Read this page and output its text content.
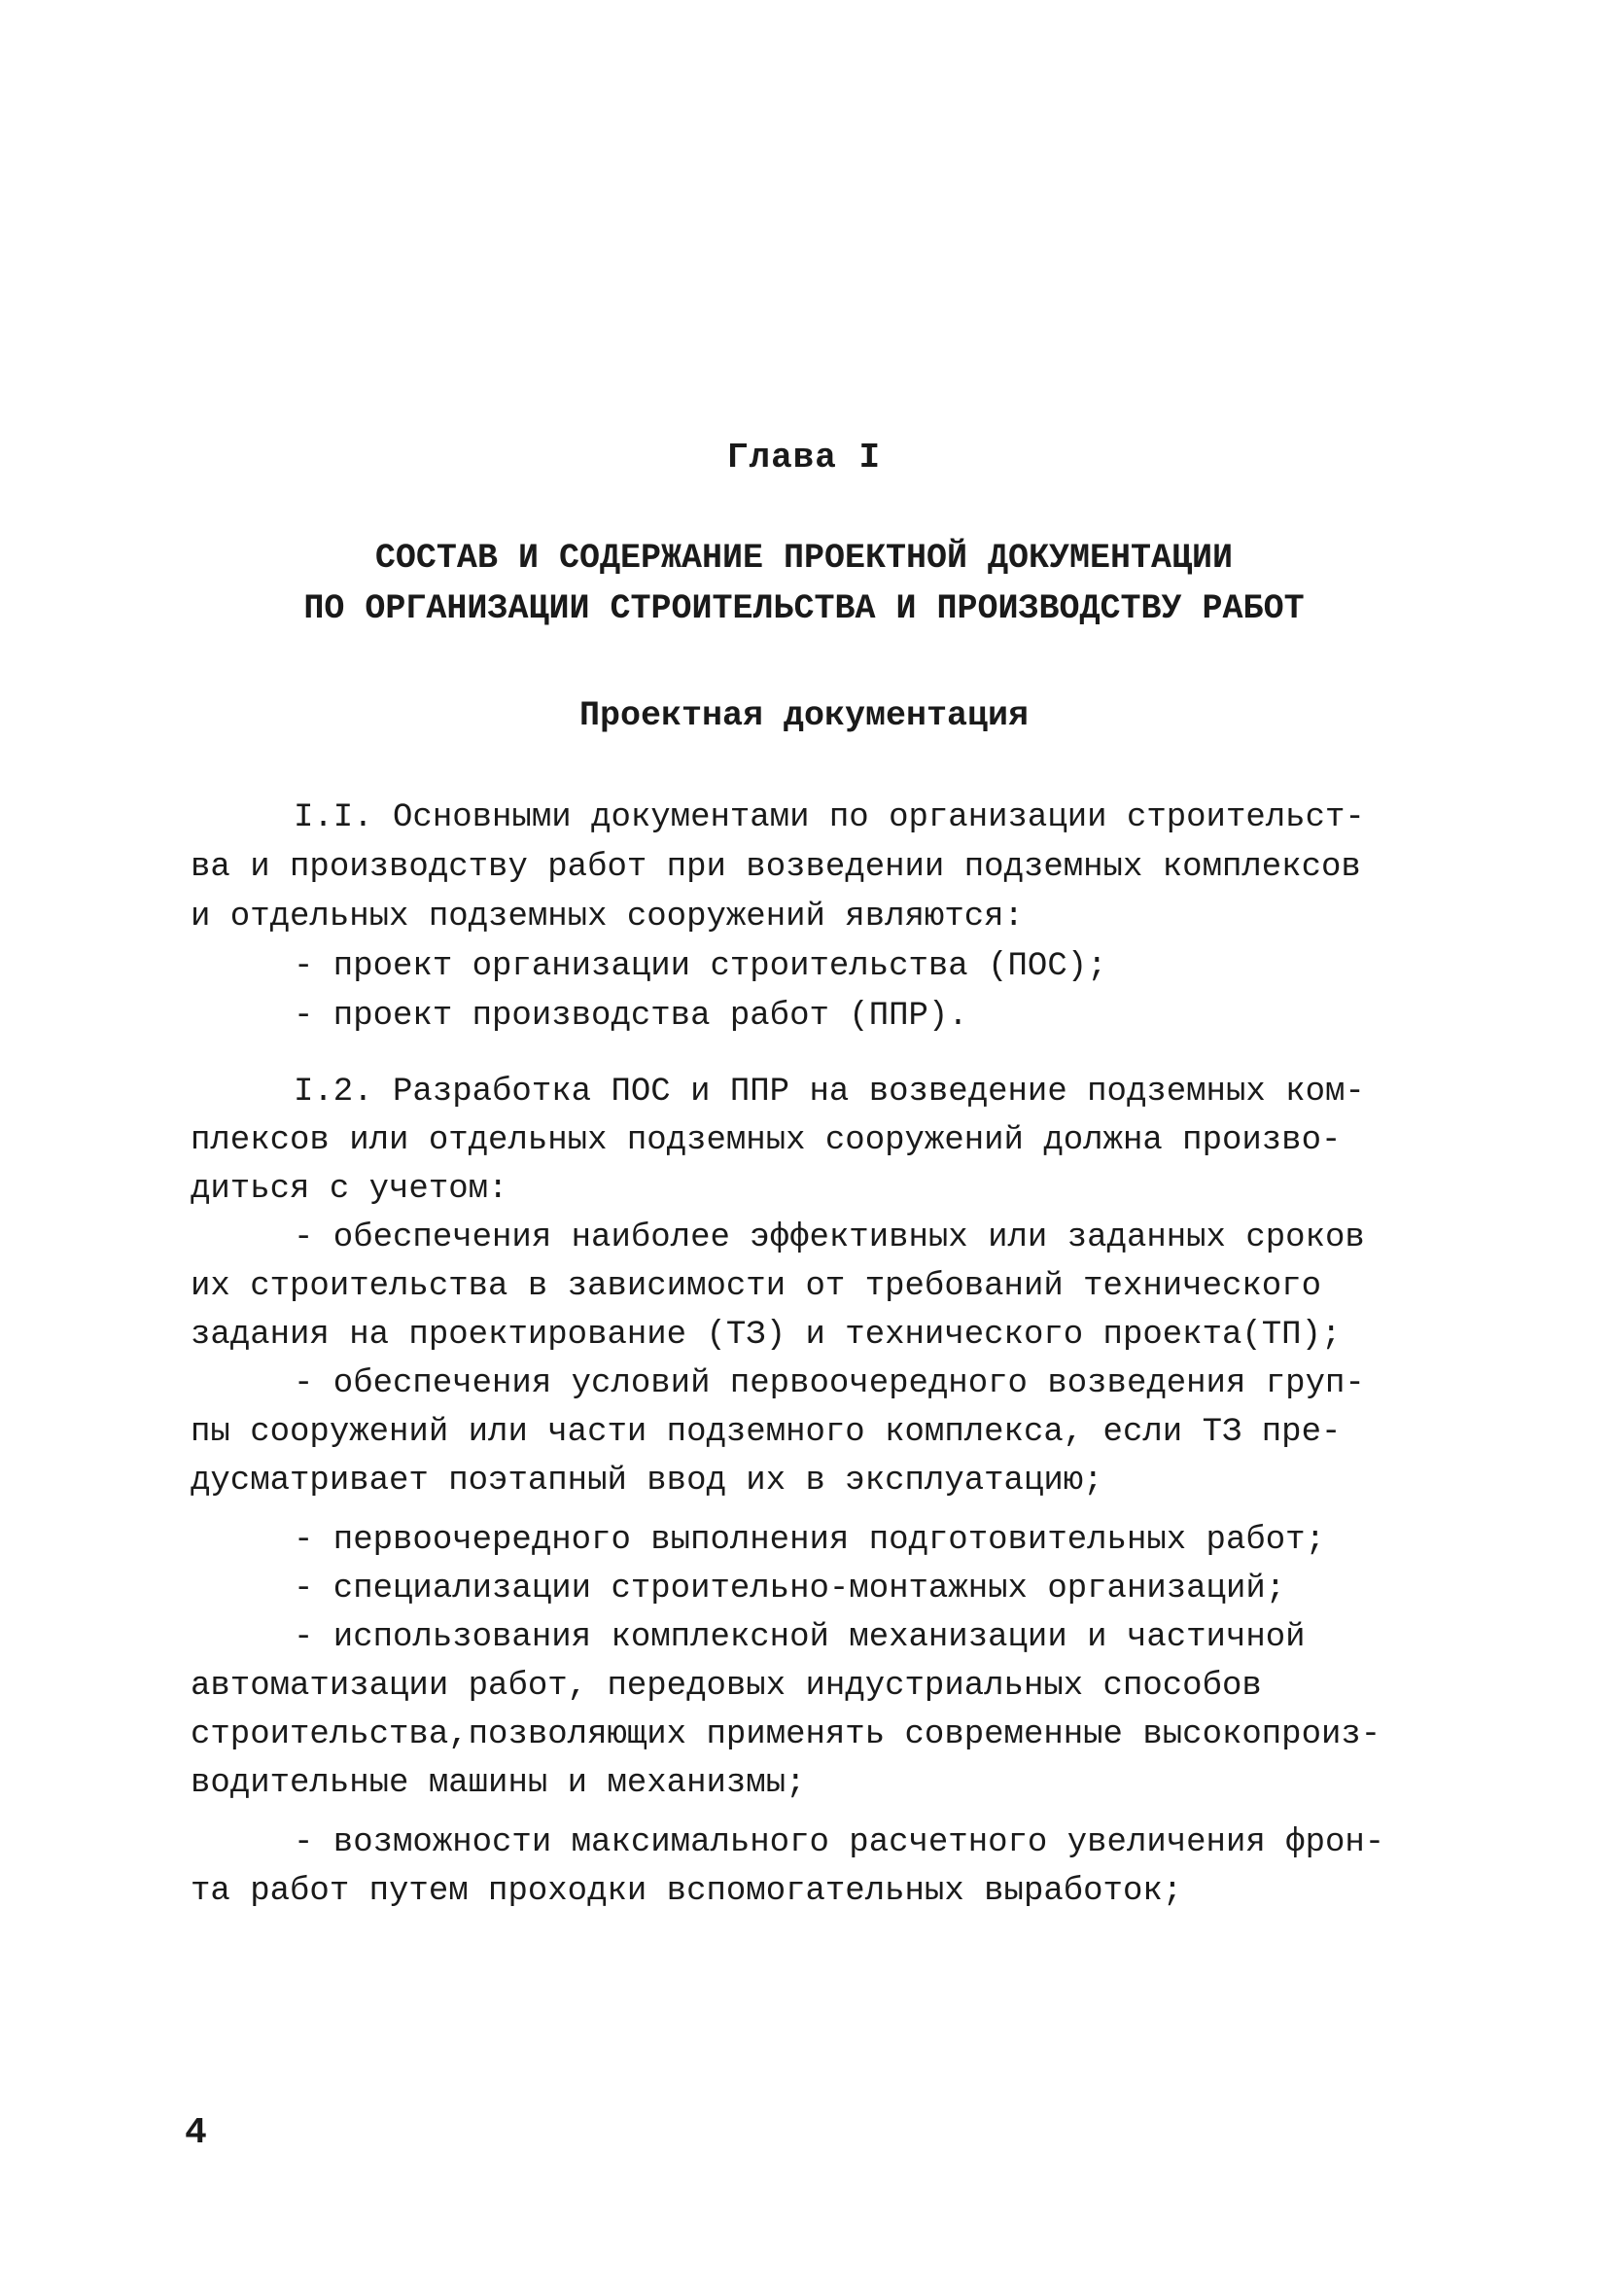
Глава I
СОСТАВ И СОДЕРЖАНИЕ ПРОЕКТНОЙ ДОКУМЕНТАЦИИ
ПО ОРГАНИЗАЦИИ СТРОИТЕЛЬСТВА И ПРОИЗВОДСТВУ РАБОТ
Проектная документация
I.I. Основными документами по организации строительст-
ва и производству работ при возведении подземных комплексов
и отдельных подземных сооружений являются:
- проект организации строительства (ПОС);
- проект производства работ (ППР).
I.2. Разработка ПОС и ППР на возведение подземных ком-
плексов или отдельных подземных сооружений должна произво-
диться с учетом:
- обеспечения наиболее эффективных или заданных сроков
их строительства в зависимости от требований технического
задания на проектирование (ТЗ) и технического проекта(ТП);
- обеспечения условий первоочередного возведения груп-
пы сооружений или части подземного комплекса, если ТЗ пре-
дусматривает поэтапный ввод их в эксплуатацию;
- первоочередного выполнения подготовительных работ;
- специализации строительно-монтажных организаций;
- использования комплексной механизации и частичной
автоматизации работ, передовых индустриальных способов
строительства,позволяющих применять современные высокопроиз-
водительные машины и механизмы;
- возможности максимального расчетного увеличения фрон-
та работ путем проходки вспомогательных выработок;
4
